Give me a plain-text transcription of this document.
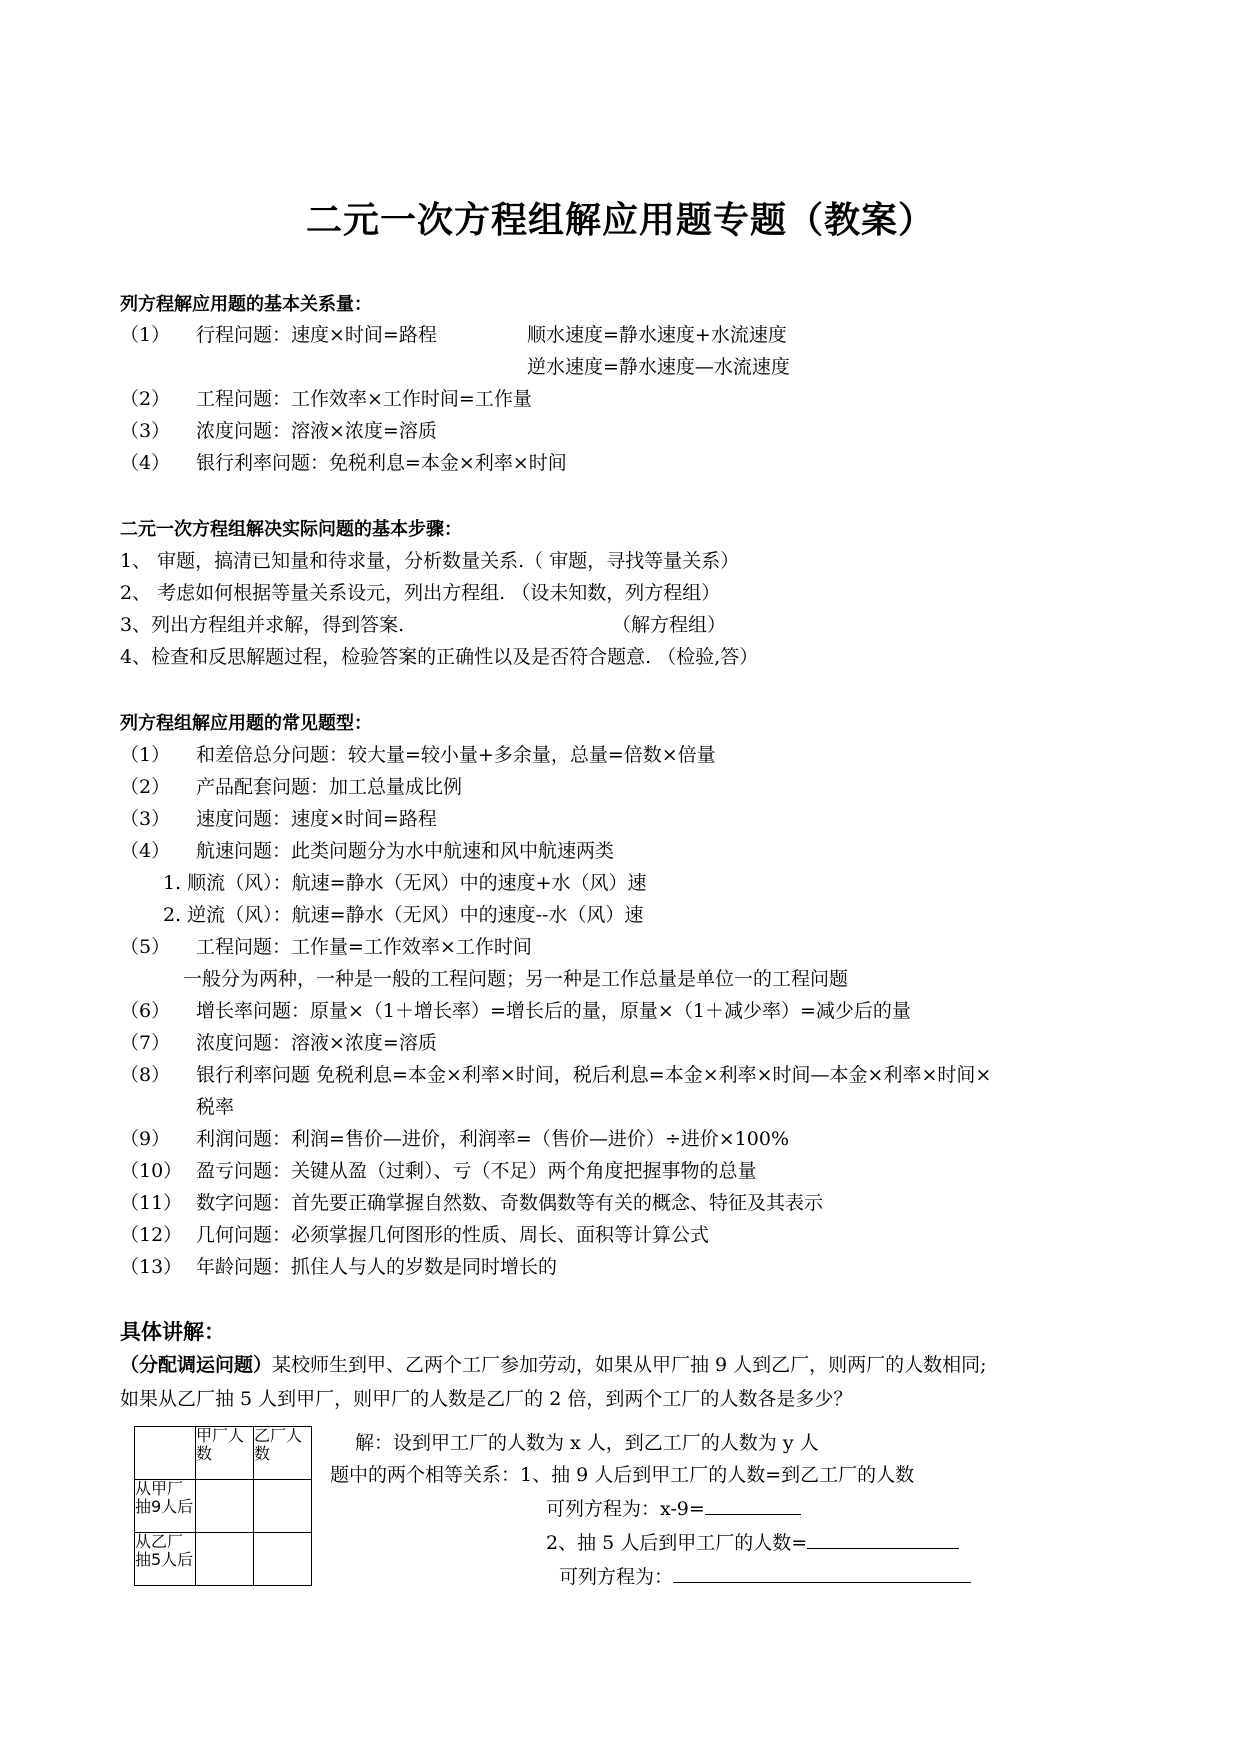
二元一次方程组解应用题专题（教案）
列方程解应用题的基本关系量：
（1） 行程问题：速度×时间=路程	顺水速度=静水速度+水流速度
逆水速度=静水速度—水流速度
（2） 工程问题：工作效率×工作时间=工作量
（3） 浓度问题：溶液×浓度=溶质
（4） 银行利率问题：免税利息=本金×利率×时间
二元一次方程组解决实际问题的基本步骤：
1、 审题，搞清已知量和待求量，分析数量关系.（ 审题，寻找等量关系）
2、 考虑如何根据等量关系设元，列出方程组. （设未知数，列方程组）
3、列出方程组并求解，得到答案.	（解方程组）
4、检查和反思解题过程，检验答案的正确性以及是否符合题意. （检验,答）
列方程组解应用题的常见题型：
（1） 和差倍总分问题：较大量=较小量+多余量，总量=倍数×倍量
（2） 产品配套问题：加工总量成比例
（3） 速度问题：速度×时间=路程
（4） 航速问题：此类问题分为水中航速和风中航速两类
1. 顺流（风）：航速=静水（无风）中的速度+水（风）速
2. 逆流（风）：航速=静水（无风）中的速度--水（风）速
（5） 工程问题：工作量=工作效率×工作时间
一般分为两种，一种是一般的工程问题；另一种是工作总量是单位一的工程问题
（6） 增长率问题：原量×（1＋增长率）=增长后的量，原量×（1＋减少率）=减少后的量
（7） 浓度问题：溶液×浓度=溶质
（8） 银行利率问题 免税利息=本金×利率×时间，税后利息=本金×利率×时间—本金×利率×时间×
税率
（9） 利润问题：利润=售价—进价，利润率=（售价—进价）÷进价×100%
（10） 盈亏问题：关键从盈（过剩）、亏（不足）两个角度把握事物的总量
（11） 数字问题：首先要正确掌握自然数、奇数偶数等有关的概念、特征及其表示
（12） 几何问题：必须掌握几何图形的性质、周长、面积等计算公式
（13） 年龄问题：抓住人与人的岁数是同时增长的
具体讲解：
（分配调运问题）某校师生到甲、乙两个工厂参加劳动，如果从甲厂抽 9 人到乙厂，则两厂的人数相同;
如果从乙厂抽 5 人到甲厂，则甲厂的人数是乙厂的 2 倍，到两个工厂的人数各是多少？

	甲厂人数	乙厂人数

从甲厂抽9人后		

从乙厂抽5人后		

解：设到甲工厂的人数为 x 人，到乙工厂的人数为 y 人
题中的两个相等关系：1、抽 9 人后到甲工厂的人数=到乙工厂的人数
可列方程为：x-9=
2、抽 5 人后到甲工厂的人数=
可列方程为：
